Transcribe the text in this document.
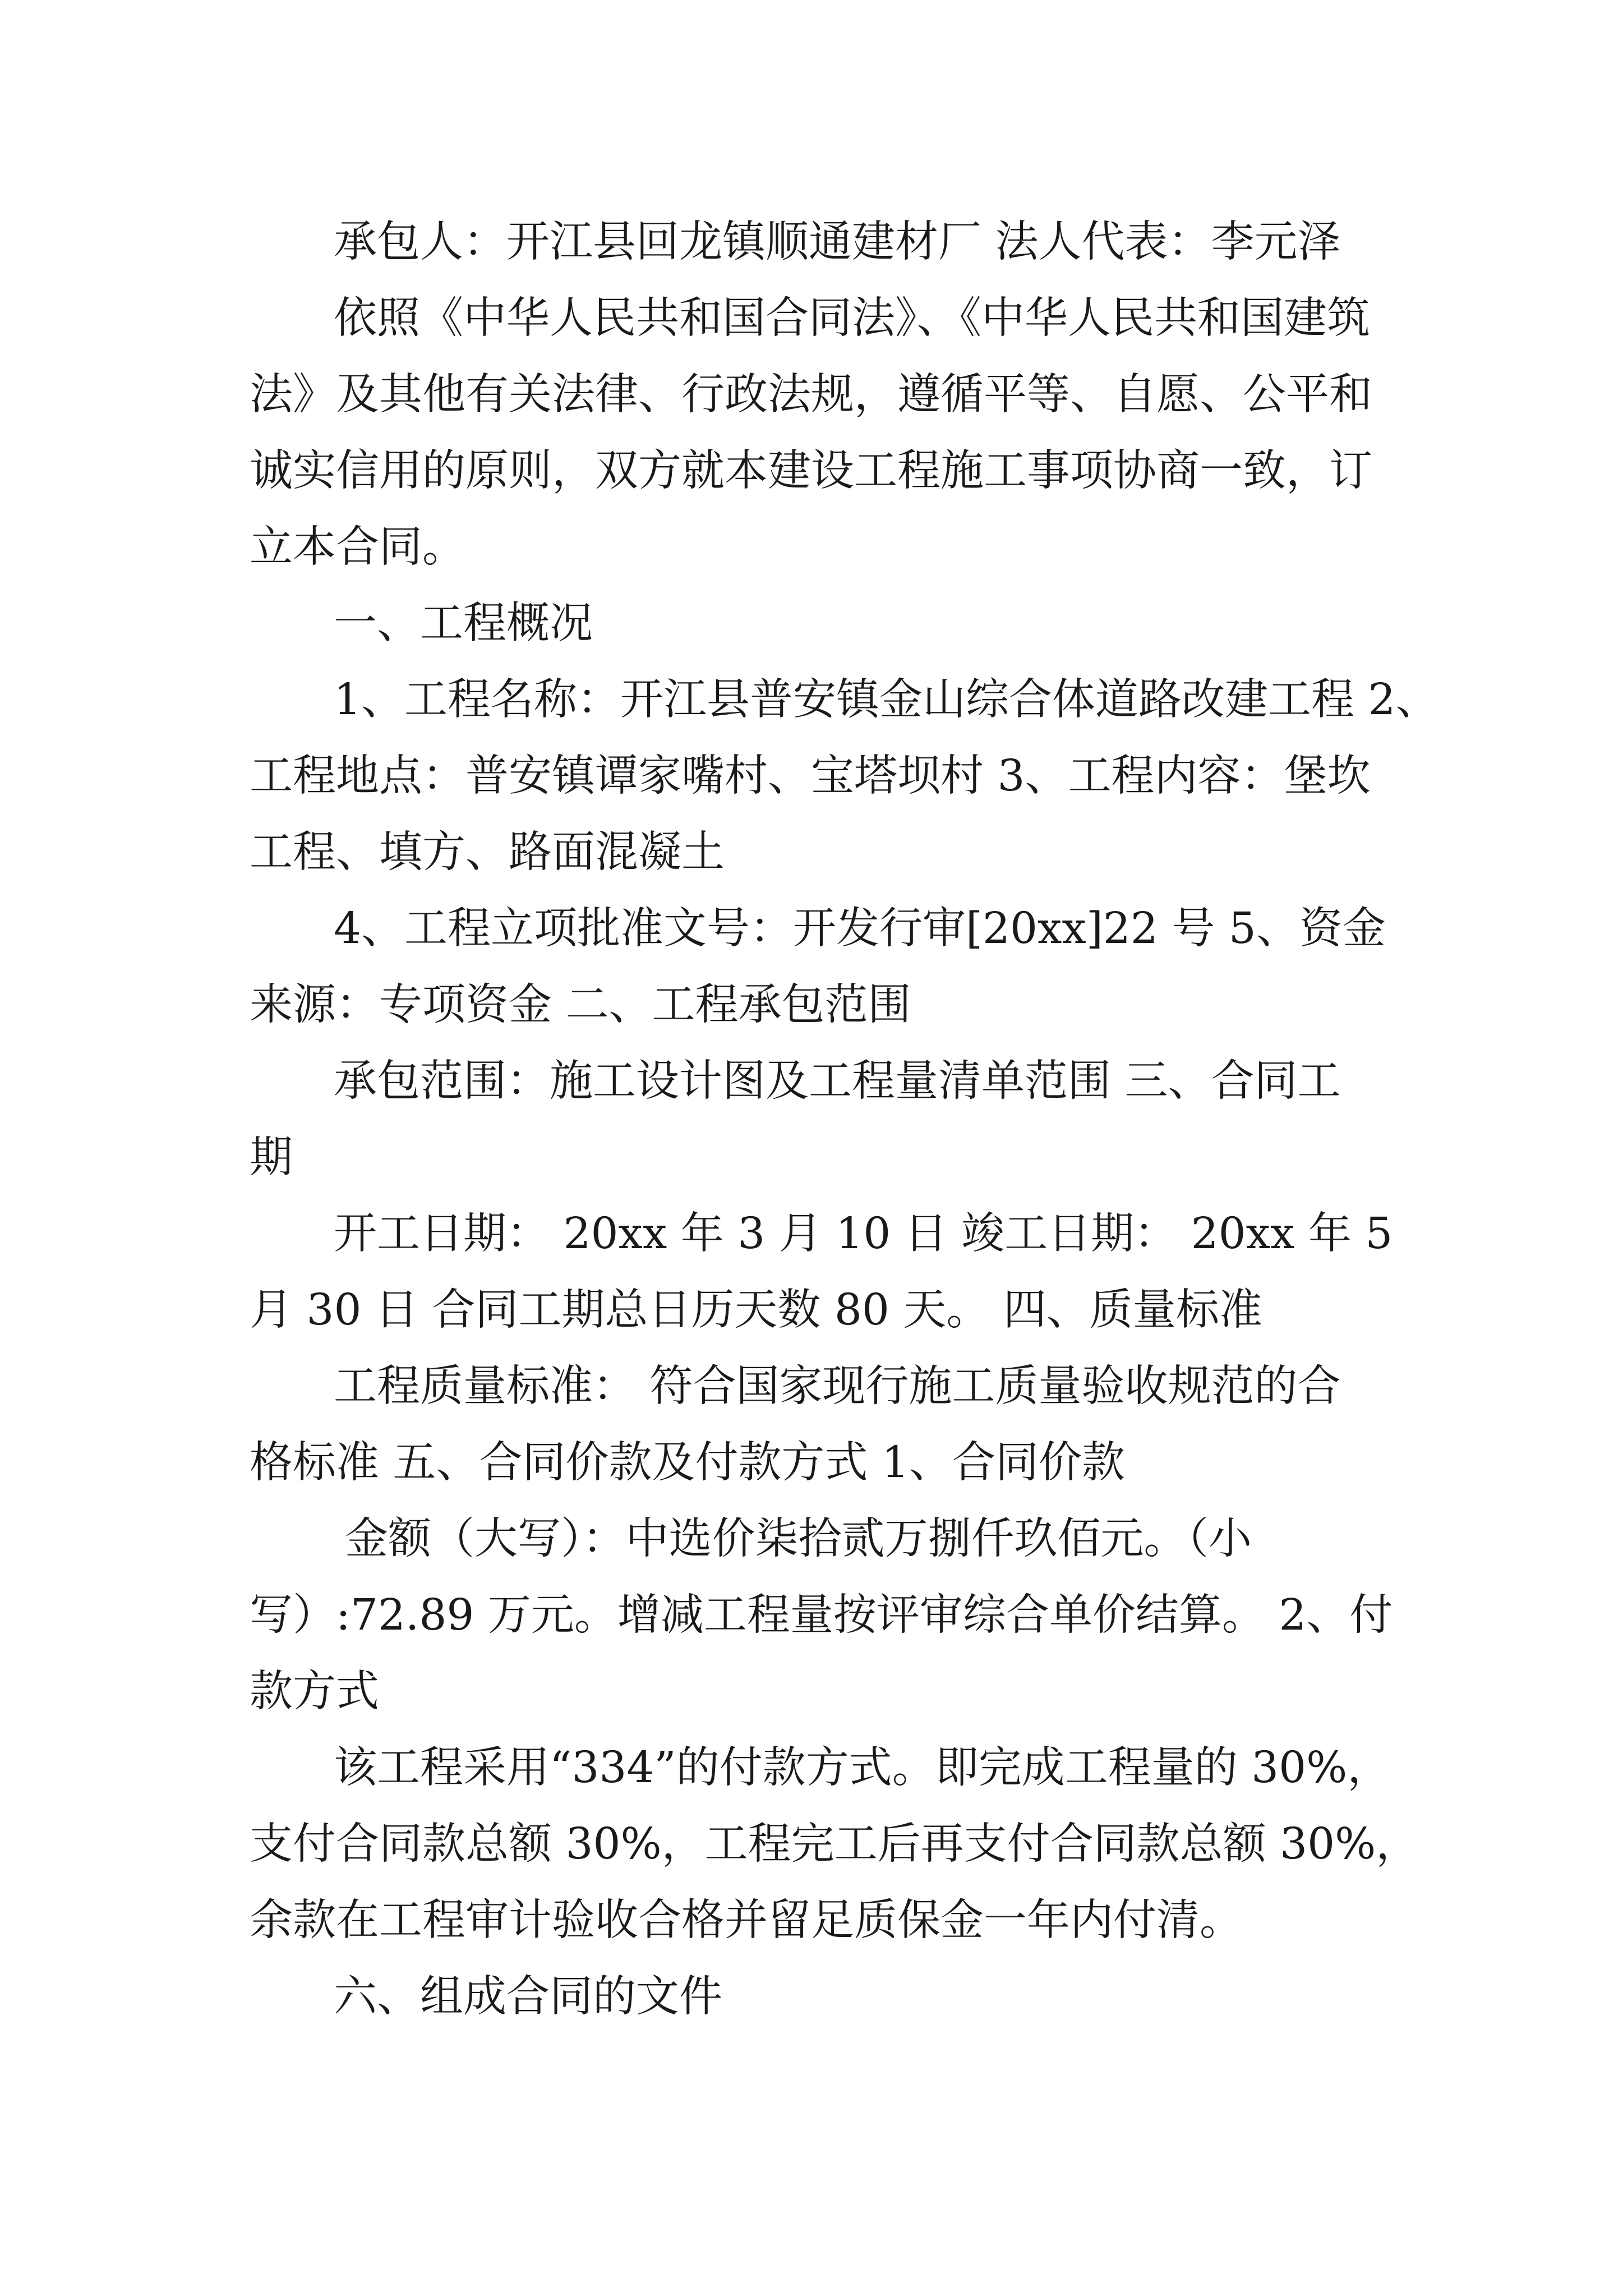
承包人：开江县回龙镇顺通建材厂 法人代表：李元泽

依照《中华人民共和国合同法》、《中华人民共和国建筑

法》及其他有关法律、行政法规，遵循平等、自愿、公平和

诚实信用的原则，双方就本建设工程施工事项协商一致，订

立本合同。

一、工程概况

1、工程名称：开江县普安镇金山综合体道路改建工程 2、

工程地点：普安镇谭家嘴村、宝塔坝村 3、工程内容：堡坎

工程、填方、路面混凝土

4、工程立项批准文号：开发行审[20xx]22 号 5、资金

来源：专项资金 二、工程承包范围

承包范围：施工设计图及工程量清单范围 三、合同工

期

开工日期： 20xx 年 3 月 10 日 竣工日期： 20xx 年 5

月 30 日 合同工期总日历天数 80 天。 四、质量标准

工程质量标准： 符合国家现行施工质量验收规范的合

格标准 五、合同价款及付款方式 1、合同价款

金额（大写）：中选价柒拾贰万捌仟玖佰元。（小

写）:72.89 万元。增减工程量按评审综合单价结算。 2、付

款方式

该工程采用“334”的付款方式。即完成工程量的 30%，

支付合同款总额 30%，工程完工后再支付合同款总额 30%，

余款在工程审计验收合格并留足质保金一年内付清。

六、组成合同的文件
